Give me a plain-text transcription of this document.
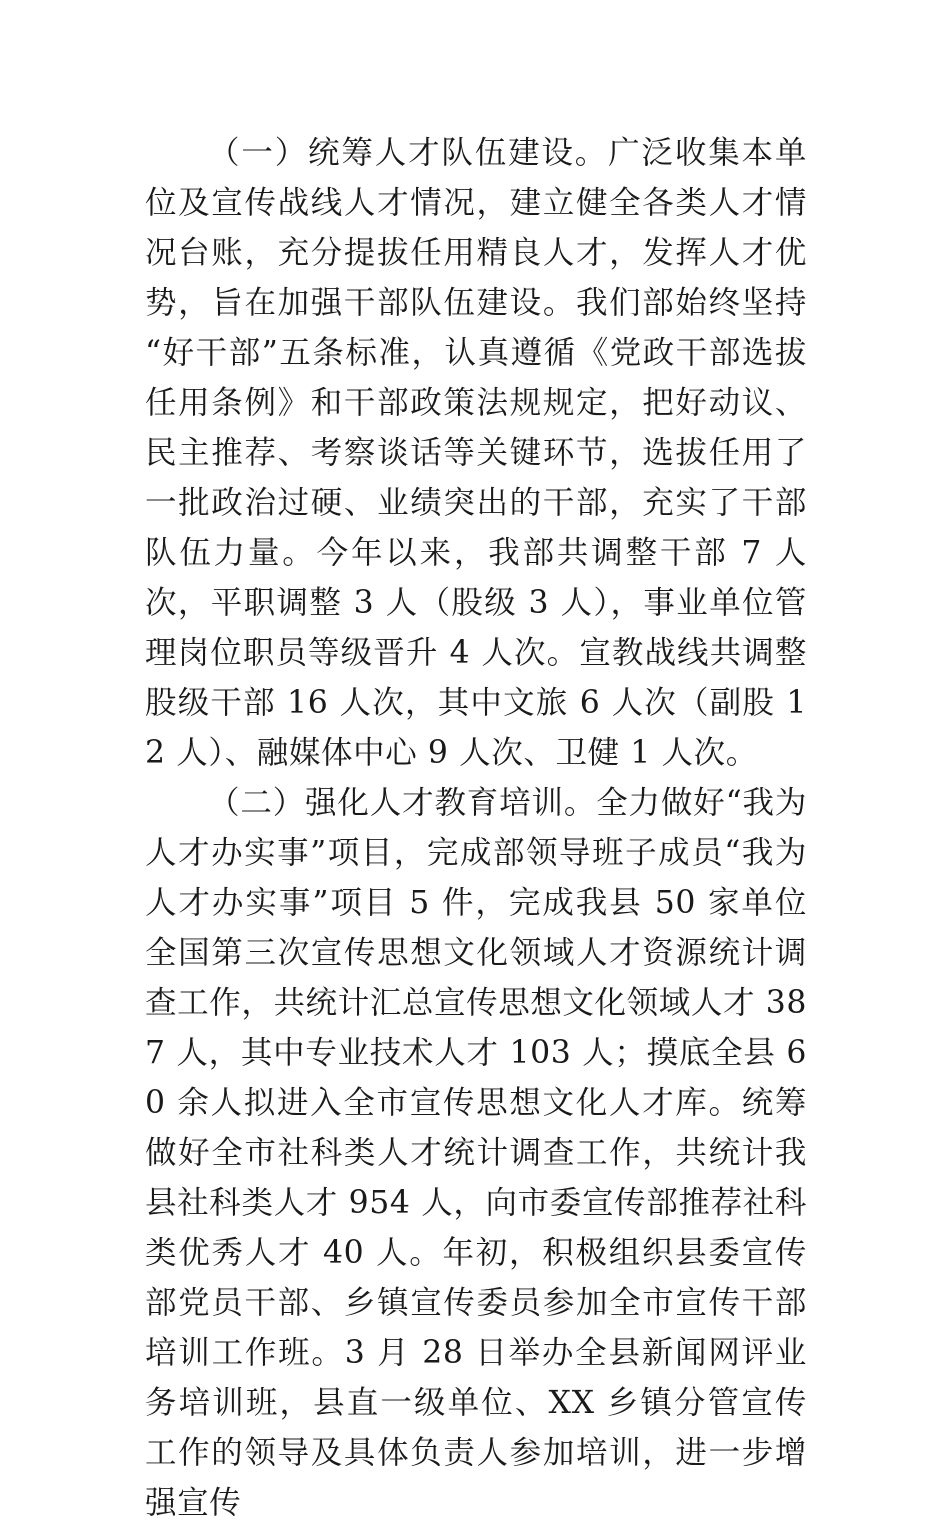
（一）统筹人才队伍建设。广泛收集本单位及宣传战线人才情况，建立健全各类人才情况台账，充分提拔任用精良人才，发挥人才优势，旨在加强干部队伍建设。我们部始终坚持“好干部”五条标准，认真遵循《党政干部选拔任用条例》和干部政策法规规定，把好动议、民主推荐、考察谈话等关键环节，选拔任用了一批政治过硬、业绩突出的干部，充实了干部队伍力量。今年以来，我部共调整干部 7 人次，平职调整 3 人（股级 3 人），事业单位管理岗位职员等级晋升 4 人次。宣教战线共调整股级干部 16 人次，其中文旅 6 人次（副股 12 人）、融媒体中心 9 人次、卫健 1 人次。

（二）强化人才教育培训。全力做好“我为人才办实事”项目，完成部领导班子成员“我为人才办实事”项目 5 件，完成我县 50 家单位全国第三次宣传思想文化领域人才资源统计调查工作，共统计汇总宣传思想文化领域人才 387 人，其中专业技术人才 103 人；摸底全县 60 余人拟进入全市宣传思想文化人才库。统筹做好全市社科类人才统计调查工作，共统计我县社科类人才 954 人，向市委宣传部推荐社科类优秀人才 40 人。年初，积极组织县委宣传部党员干部、乡镇宣传委员参加全市宣传干部培训工作班。3 月 28 日举办全县新闻网评业务培训班，县直一级单位、XX 乡镇分管宣传工作的领导及具体负责人参加培训，进一步增强宣传
